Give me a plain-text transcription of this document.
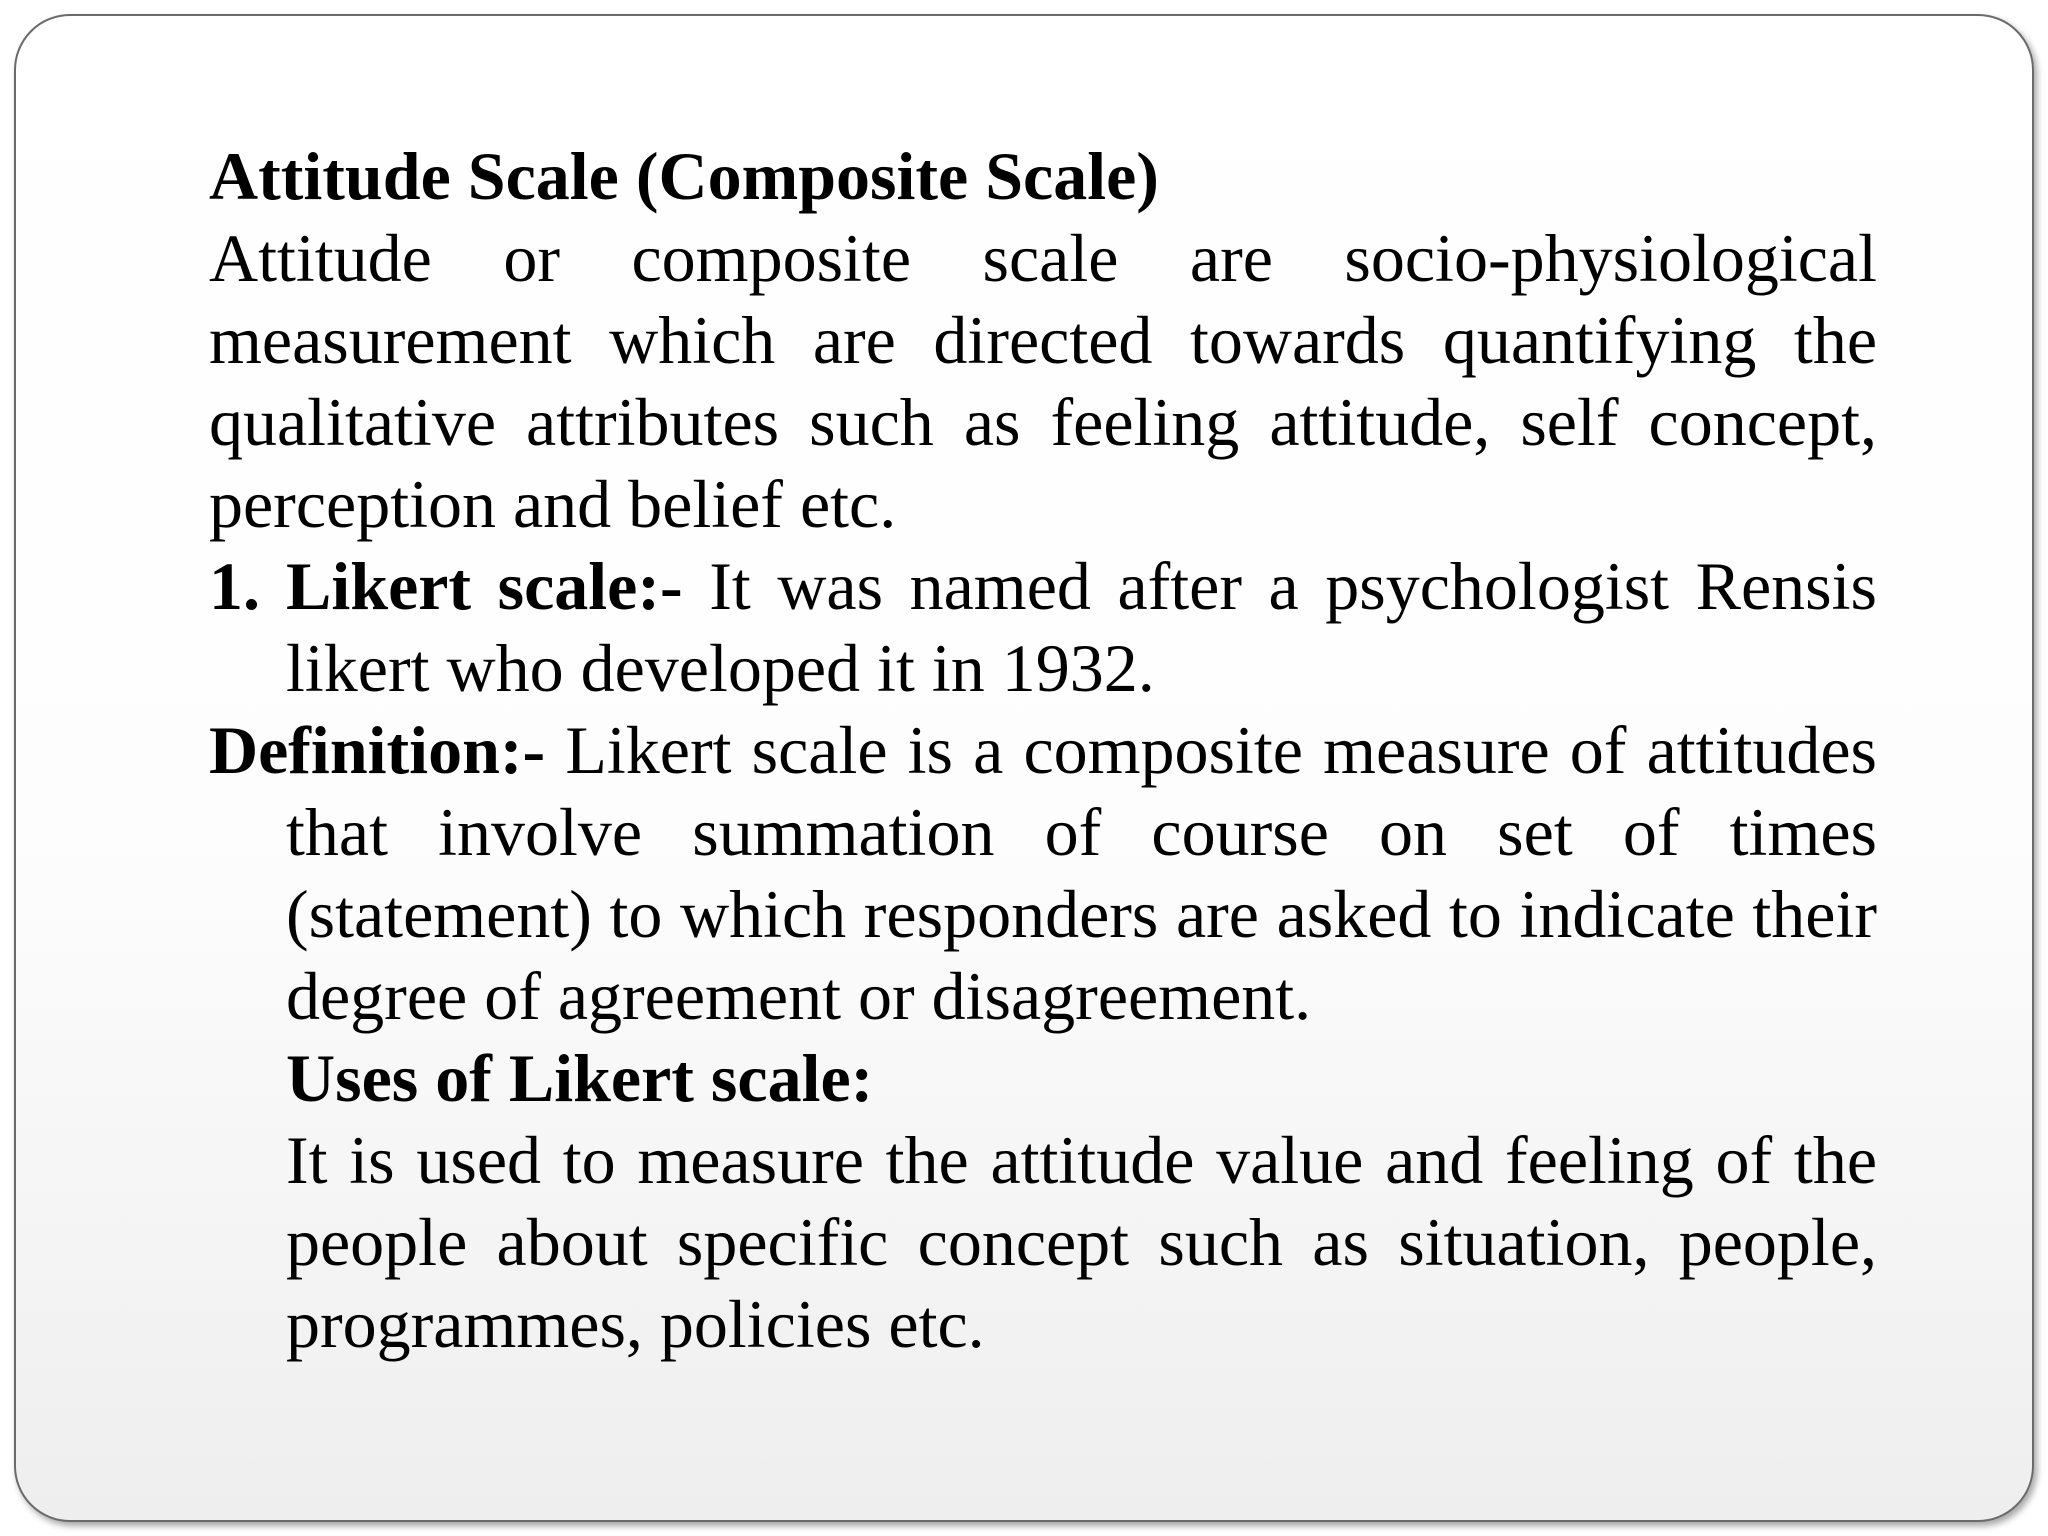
Attitude Scale (Composite Scale)

Attitude or composite scale are socio-physiological measurement which are directed towards quantifying the qualitative attributes such as feeling attitude, self concept, perception and belief etc.

1. Likert scale:- It was named after a psychologist Rensis likert who developed it in 1932.

Definition:- Likert scale is a composite measure of attitudes that involve summation of course on set of times (statement) to which responders are asked to indicate their degree of agreement or disagreement.

Uses of Likert scale:

It is used to measure the attitude value and feeling of the people about specific concept such as situation, people, programmes, policies etc.
